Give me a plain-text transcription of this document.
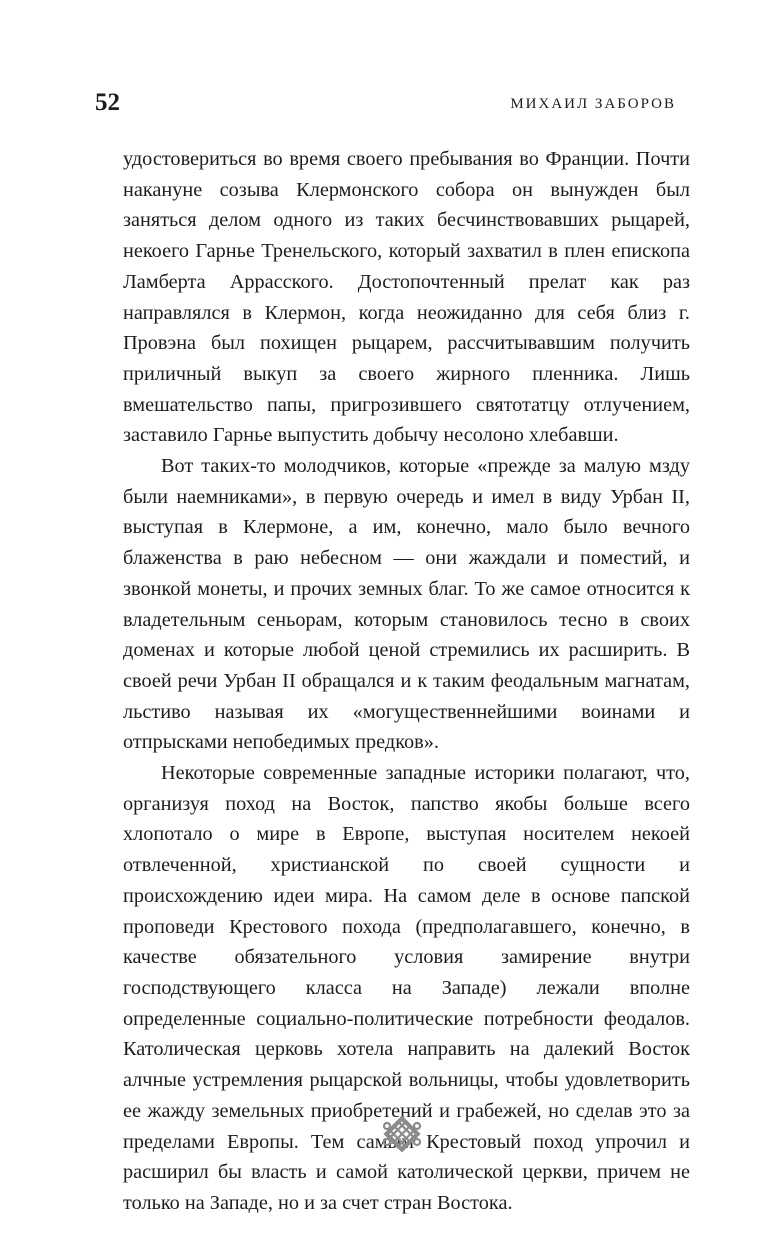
52	МИХАИЛ ЗАБОРОВ

удостовериться во время своего пребывания во Франции. Почти накануне созыва Клермонского собора он вынужден был заняться делом одного из таких бесчинствовавших рыцарей, некоего Гарнье Тренельского, который захватил в плен епископа Ламберта Аррасского. Достопочтенный прелат как раз направлялся в Клермон, когда неожиданно для себя близ г. Провэна был похищен рыцарем, рассчитывавшим получить приличный выкуп за своего жирного пленника. Лишь вмешательство папы, пригрозившего святотатцу отлучением, заставило Гарнье выпустить добычу несолоно хлебавши.

Вот таких-то молодчиков, которые «прежде за малую мзду были наемниками», в первую очередь и имел в виду Урбан II, выступая в Клермоне, а им, конечно, мало было вечного блаженства в раю небесном — они жаждали и поместий, и звонкой монеты, и прочих земных благ. То же самое относится к владетельным сеньорам, которым становилось тесно в своих доменах и которые любой ценой стремились их расширить. В своей речи Урбан II обращался и к таким феодальным магнатам, льстиво называя их «могущественнейшими воинами и отпрысками непобедимых предков».

Некоторые современные западные историки полагают, что, организуя поход на Восток, папство якобы больше всего хлопотало о мире в Европе, выступая носителем некоей отвлеченной, христианской по своей сущности и происхождению идеи мира. На самом деле в основе папской проповеди Крестового похода (предполагавшего, конечно, в качестве обязательного условия замирение внутри господствующего класса на Западе) лежали вполне определенные социально-политические потребности феодалов. Католическая церковь хотела направить на далекий Восток алчные устремления рыцарской вольницы, чтобы удовлетворить ее жажду земельных приобретений и грабежей, но сделав это за пределами Европы. Тем самым Крестовый поход упрочил и расширил бы власть и самой католической церкви, причем не только на Западе, но и за счет стран Востока.
